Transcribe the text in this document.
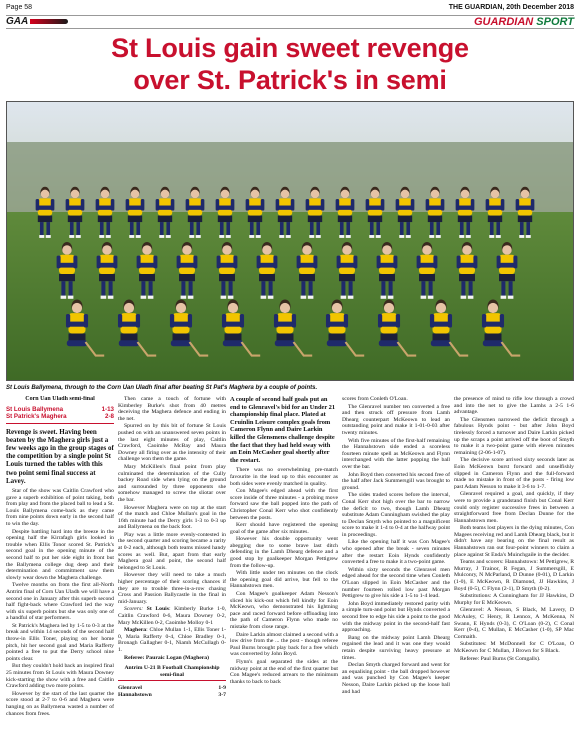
Page 58	THE GUARDIAN, 20th December 2018
GAA	GUARDIAN SPORT
St Louis gain sweet revenge
over St. Patrick's in semi
St Louis Ballymena, through to the Corn Uan Uladh final after beating St Pat's Maghera by a couple of points.

Corn Uan Uladh semi-final

St Louis Ballymena	1-13
St Patrick's Maghera	2-8

Revenge is sweet. Having been beaten by the Maghera girls just a few weeks ago in the group stages of the competition by a single point St Louis turned the tables with this two point semi final success at Lavey.

Star of the show was Caitlin Crawford who gave a superb exhibition of point taking, both from play and from the placed ball to lead a St. Louis Ballymena come-back as they came from nine points down early in the second half to win the day.

Despite battling hard into the breeze in the opening half the Kirrafagh girls looked in trouble when Ellis Tonor scored St. Patrick's second goal in the opening minute of the second half to put her side eight in front but the Ballymena college dug deep and their determination and commitment saw them slowly wear down the Maghera challenge.

Twelve months on from the first all-North Antrim final of Corn Uan Uladh we will have a second one in January after this superb second half fight-back where Crawford led the way with six superb points but she was only one of a handful of star performers.

St Patrick's Maghera led by 1-5 to 0-3 at the break and within 14 seconds of the second half throw-in Ellis Toner, playing on her home pitch, hit her second goal and Maria Rafferty pointed a free to put the Derry school nine points clear.

But they couldn't hold back an inspired final 25 minutes from St Louis with Maura Downey kick-starting the show with a free and Caitlin Crawford adding two more points.

However by the start of the last quarter the score stood at 2-7 to 0-6 and Maghera were hanging on as Ballymena wasted a number of chances from frees.

Then came a touch of fortune with Kimberley Burke's shot from 40 metres deceiving the Maghera defence and ending in the net.

Spurred on by this bit of fortune St Louis pushed on with an unanswered seven points in the last eight minutes of play, Caitlin Crawford, Caoimhe McBay and Maura Downey all firing over as the intensity of their challenge won them the game.

Mary McKillen's final point from play culminated the determination of the Cully backey Road side when lying on the ground and surrounded by three opponents she somehow managed to screw the sliotar over the bar.

However Maghera were on top at the start of the match and Chloe Mullan's goal in the 16th minute had the Derry girls 1-3 to 0-3 up and Ballymena on the back foot.

Play was a little more evenly-contested in the second quarter and scoring became a rarity at 0-2 each, although both teams missed handy scores as well. But, apart from that early Maghera goal and point, the second half belonged to St Louis.

However they will need to take a much higher percentage of their scoring chances if they are to trouble three-in-a-row chasing Cross and Passion Ballycastle in the final in mid-January.

Scorers: St Louis: Kimberly Burke 1-0, Caitlin Crawford 0-6, Maura Downey 0-2, Mary McKillen 0-2, Caoimhe Molloy 0-1

Maghera: Chloe Mullan 1-1, Ellis Toner 1-0, Maria Rafferty 0-4, Chloe Bradley 0-1, Bronagh Gallagher 0-1, Niamh McCullagh 0-1.

Referee: Pauraic Logan (Maghera)

Antrim U-21 B Football Championship semi-final

Glenravel	1-9
Hannahstown	3-7

A couple of second half goals put an end to Glenravel's bid for an Under 21 championship final place. Plated at Cruinlin Leisure complex goals from Cameron Flynn and Daire Larkin killed the Glensmens challenge despite the fact that they had held sway with an Eoin McCasher goal shortly after the restart.

There was no overwhelming pre-match favourite in the lead up to this encounter as both sides were evenly matched in quality.

Con Magee's edged ahead with the first score inside of three minutes - a probing move forward saw the ball popped into the path of Christopher Conal Kerr who shot confidently between the posts.

Kerr should have registered the opening goal of the game after six minutes.

However his double opportunity went abegging due to some brave last ditch defending in the Lamh Dhearg defence and a good stop by goalkeeper Morgan Pettigrew from the follow-up.

With little under ten minutes on the clock the opening goal did arrive, but fell to the Hannahstown men.

Con Magee's goalkeeper Adam Nesson's sliced his kick-out which fell kindly for Eoin McKeown, who demonstrated his lightning pace and raced forward before offloading into the path of Cameron Flynn who made no mistake from close range.

Daire Larkin almost claimed a second with a low drive from the ... the post - though referee Paul Burns brought play back for a free which was converted by John Boyd.

Flynn's goal separated the sides at the midway point at the end of the first quarter but Con Magee's reduced arrears to the minimum thanks to back to back

scores from Conleth O'Loan.

The Glenravel number ten converted a free and then struck off pressure from Lamh Dhearg counterpart McKeown to lead an outstanding point and make it 1-01-0-03 after twenty minutes.

With five minutes of the first-half remaining the Hannahstown side ended a scoreless fourteen minute spell as McKeown and Flynn interchanged with the latter popping the ball over the bar.

John Boyd then converted his second free of the half after Jack Summersgill was brought to ground.

The sides traded scores before the interval, Conal Kerr shot high over the bar to narrow the deficit to two, though Lamh Dhearg substitute Adam Cunningham swished the play to Declan Smyth who pointed to a magnificent score to make it 1-4 to 0-4 at the halfway point in proceedings.

Like the opening half it was Con Magee's who opened after the break - seven minutes after the restart Eoin Hynds confidently converted a free to make it a two-point game.

Within sixty seconds the Glenravel men edged ahead for the second time when Conleth O'Loan slipped in Eoin McCasher and the number fourteen rolled low past Morgan Pettigrew to give his side a 1-5 to 1-4 lead.

John Boyd immediately restored parity with a simple turn-and point but Hynds converted a second free to edge his side a point to the good with the midway point in the second-half fast approaching.

Bang on the midway point Lamh Dhearg regained the lead and it was one they would retain despite surviving heavy pressure at times.

Declan Smyth charged forward and went for an equalising point - the ball dropped however and was punched by Con Magee's keeper Nesson, Daire Larkin picked up the loose ball and had

the presence of mind to rifle low through a crowd and into the net to give the Lamhs a 2-5 1-6 advantage.

The Glensmen narrowed the deficit through a fabulous Hynds point - but after John Boyd tirelessly forced a turnover and Daire Larkin picked up the scraps a point arrived off the boot of Smyth to make it a two-point game with eleven minutes remaining (2-06-1-07).

The decisive score arrived sixty seconds later as Eoin McKeown burst forward and unselfishly slipped in Cameron Flynn and the full-forward made no mistake in front of the posts - firing low past Adam Nesson to make it 3-6 to 1-7.

Glenravel required a goal, and quickly, if they were to provide a grandstand finish but Conal Kerr could only register successive frees in between a straightforward free from Declan Dunne for the Hannahstown men.

Both teams lost players in the dying minutes, Con Magees receiving red and Lamh Dhearg black, but it didn't have any bearing on the final result as Hannahstown ran out four-point winners to claim a place against St Enda's Muinchgaile in the decider.

Teams and scorers: Hannahstown: M Pettigrew, R Murray, J Trainor, R Fegan, J Summersgill, E Mulconry, N McParland, D Dunne (0-01), D Larkin (1-0), E McKeown, R Diamond, JJ Hawkins, J Boyd (0-5), C Flynn (2-1), D Smyth (0-2).

Substitutions: A Cunningham for JJ Hawkins, D Murphy for E McKeown.

Glenravel: A Nesson, S Black, M Lavery, D McAuley, C Henry, R Lennox, A McKenna, N Swann, E Hynds (0-3), C O'Loan (0-2), C Conal Kerr (0-4), C Mullan, E McCasher (1-0), SP Mac Cormaith.

Substitutes: M McDonnell for C O'Loan, O McKeown for C Mullan, J Brown for S Black.

Referee: Paul Burns (St Comgalls).
